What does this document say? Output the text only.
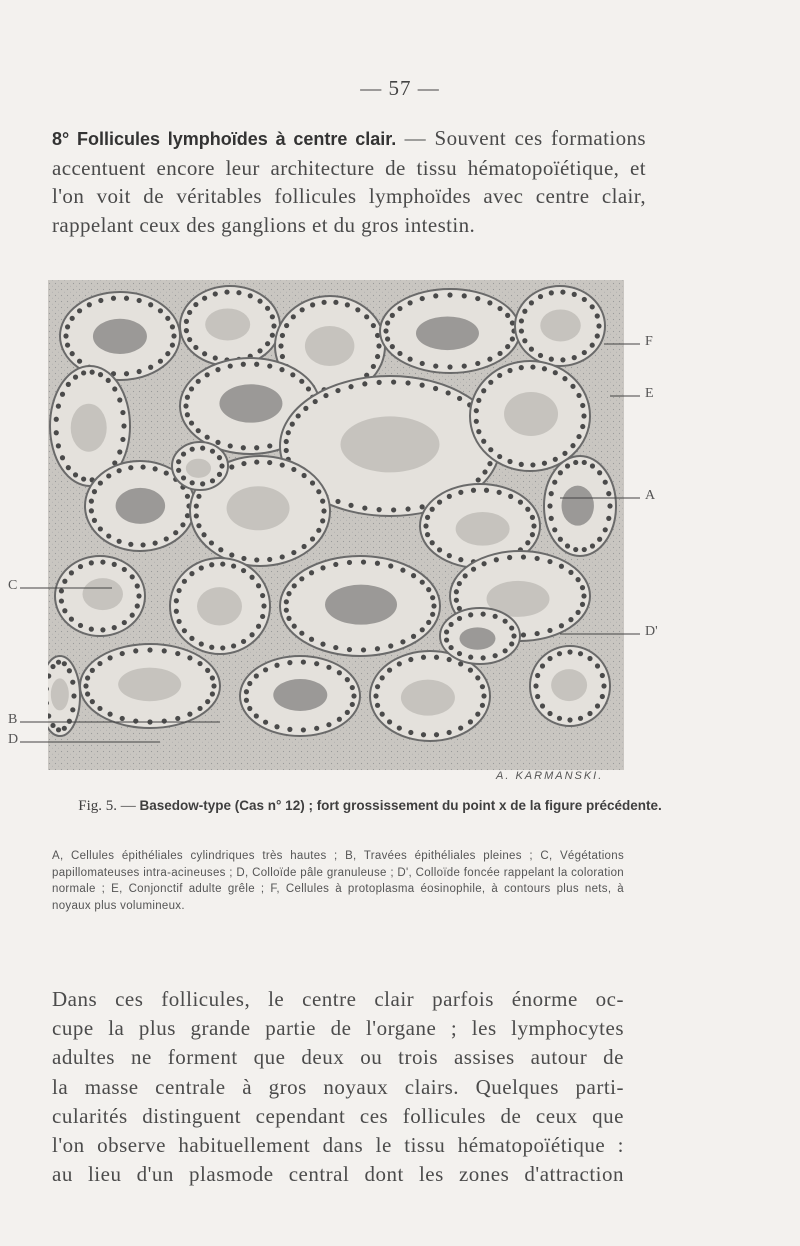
— 57 —

8° Follicules lymphoïdes à centre clair. — Souvent ces formations accentuent encore leur architecture de tissu hématopoïétique, et l'on voit de véritables follicules lymphoïdes avec centre clair, rappelant ceux des ganglions et du gros intestin.

F
E
A
C
D'
B
D
A. KARMANSKI.
Fig. 5. — Basedow-type (Cas n° 12) ; fort grossissement du point x de la figure précédente.
A, Cellules épithéliales cylindriques très hautes ; B, Travées épithéliales pleines ; C, Végétations papillomateuses intra-acineuses ; D, Colloïde pâle granuleuse ; D', Colloïde foncée rappelant la coloration normale ; E, Conjonctif adulte grêle ; F, Cellules à protoplasma éosinophile, à contours plus nets, à noyaux plus volumineux.
Dans ces follicules, le centre clair parfois énorme oc-
cupe la plus grande partie de l'organe ; les lymphocytes
adultes ne forment que deux ou trois assises autour de
la masse centrale à gros noyaux clairs. Quelques parti-
cularités distinguent cependant ces follicules de ceux que
l'on observe habituellement dans le tissu hématopoïétique :
au lieu d'un plasmode central dont les zones d'attraction
